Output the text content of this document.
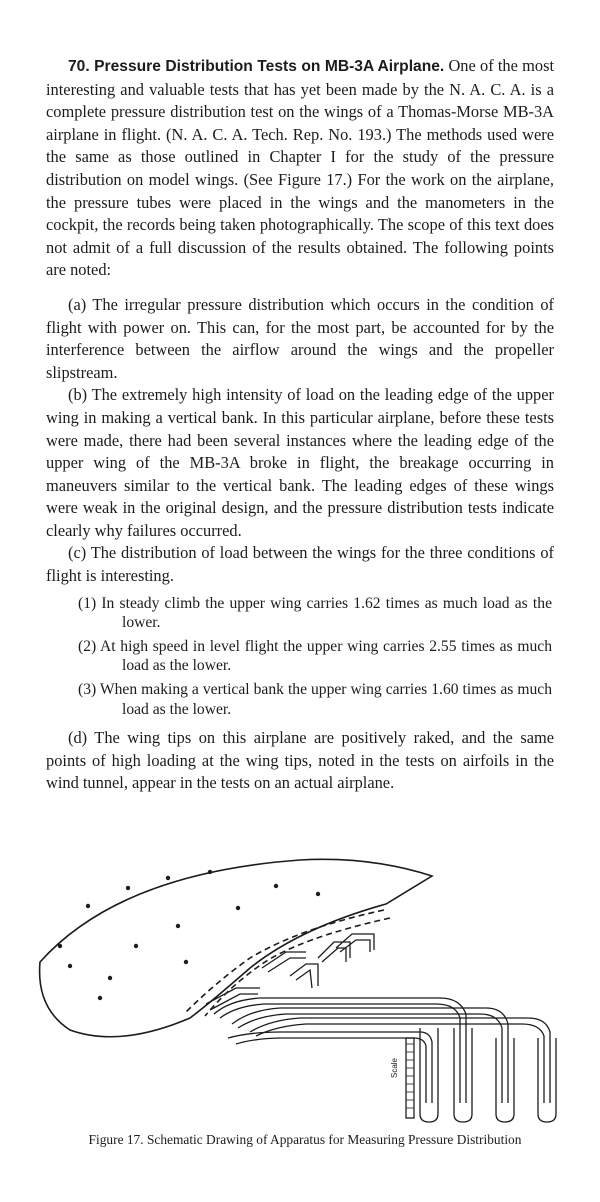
70. Pressure Distribution Tests on MB-3A Airplane. One of the most interesting and valuable tests that has yet been made by the N. A. C. A. is a complete pressure distribution test on the wings of a Thomas-Morse MB-3A airplane in flight. (N. A. C. A. Tech. Rep. No. 193.) The methods used were the same as those outlined in Chapter I for the study of the pressure distribution on model wings. (See Figure 17.) For the work on the airplane, the pressure tubes were placed in the wings and the manometers in the cockpit, the records being taken photographically. The scope of this text does not admit of a full discussion of the results obtained. The following points are noted:

(a) The irregular pressure distribution which occurs in the condition of flight with power on. This can, for the most part, be accounted for by the interference between the airflow around the wings and the propeller slipstream.

(b) The extremely high intensity of load on the leading edge of the upper wing in making a vertical bank. In this particular airplane, before these tests were made, there had been several instances where the leading edge of the upper wing of the MB-3A broke in flight, the breakage occurring in maneuvers similar to the vertical bank. The leading edges of these wings were weak in the original design, and the pressure distribution tests indicate clearly why failures occurred.

(c) The distribution of load between the wings for the three conditions of flight is interesting.

(1) In steady climb the upper wing carries 1.62 times as much load as the lower.
(2) At high speed in level flight the upper wing carries 2.55 times as much load as the lower.
(3) When making a vertical bank the upper wing carries 1.60 times as much load as the lower.

(d) The wing tips on this airplane are positively raked, and the same points of high loading at the wing tips, noted in the tests on airfoils in the wind tunnel, appear in the tests on an actual airplane.

Scale
Figure 17. Schematic Drawing of Apparatus for Measuring Pressure Distribution
